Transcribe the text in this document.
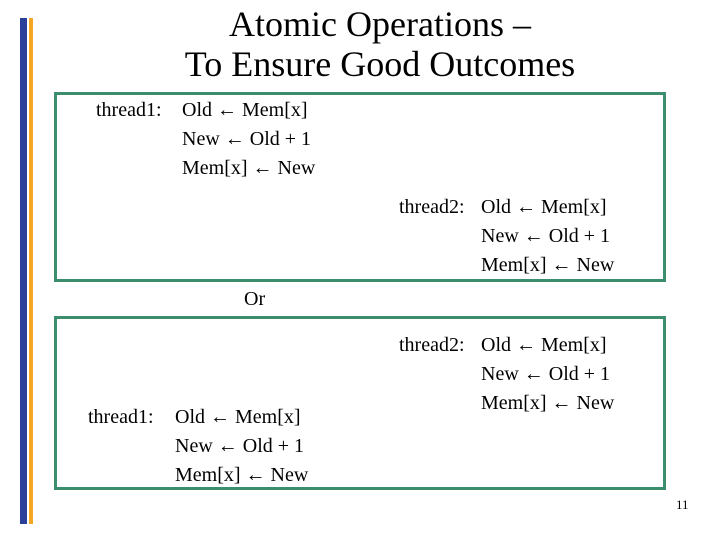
Atomic Operations –
To Ensure Good Outcomes
thread1:	Old ← Mem[x]
New ← Old + 1
Mem[x] ← New
thread2: Old ← Mem[x]
New ← Old + 1
Mem[x] ← New
Or
thread2: Old ← Mem[x]
New ← Old + 1
Mem[x] ← New
thread1:	Old ← Mem[x]
New ← Old + 1
Mem[x] ← New
11
